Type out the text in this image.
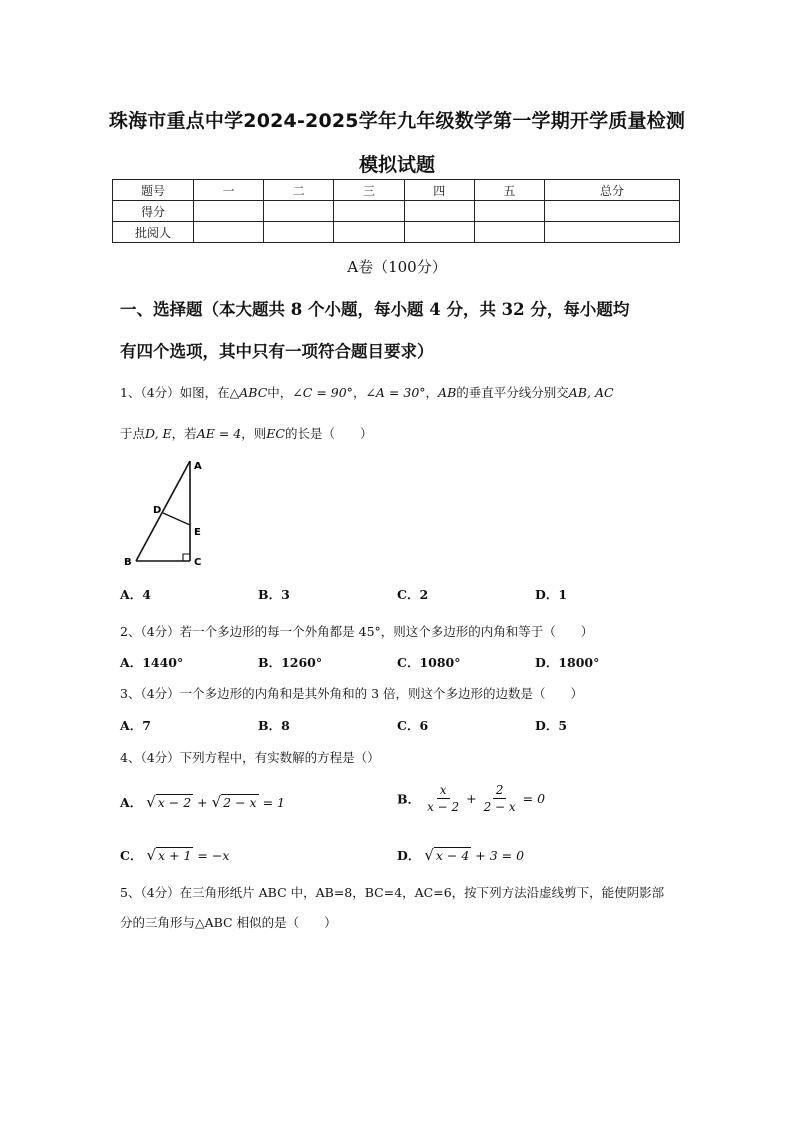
珠海市重点中学2024-2025学年九年级数学第一学期开学质量检测
模拟试题
题号	一	二	三	四	五	总分
得分						
批阅人						
A卷（100分）
一、选择题（本大题共 8 个小题，每小题 4 分，共 32 分，每小题均
有四个选项，其中只有一项符合题目要求）
1、（4分）如图，在△ABC中，∠C = 90°，∠A = 30°，AB的垂直平分线分别交AB, AC
于点D, E，若AE = 4，则EC的长是（　　）
A
D
E
B	C
A．4	B．3	C．2	D．1
2、（4分）若一个多边形的每一个外角都是 45°，则这个多边形的内角和等于（　　）
A．1440°	B．1260°	C．1080°	D．1800°
3、（4分）一个多边形的内角和是其外角和的 3 倍，则这个多边形的边数是（　　）
A．7	B．8	C．6	D．5
4、（4分）下列方程中，有实数解的方程是（）
A． √ x − 2 + √ 2 − x = 1	B． $\frac{x}{x - 2} + \frac{2}{2 - x} = 0$
C． √ x + 1 = −x	D． √ x − 4 + 3 = 0
5、（4分）在三角形纸片 ABC 中，AB=8，BC=4，AC=6，按下列方法沿虚线剪下，能使阴影部
分的三角形与△ABC 相似的是（　　）
